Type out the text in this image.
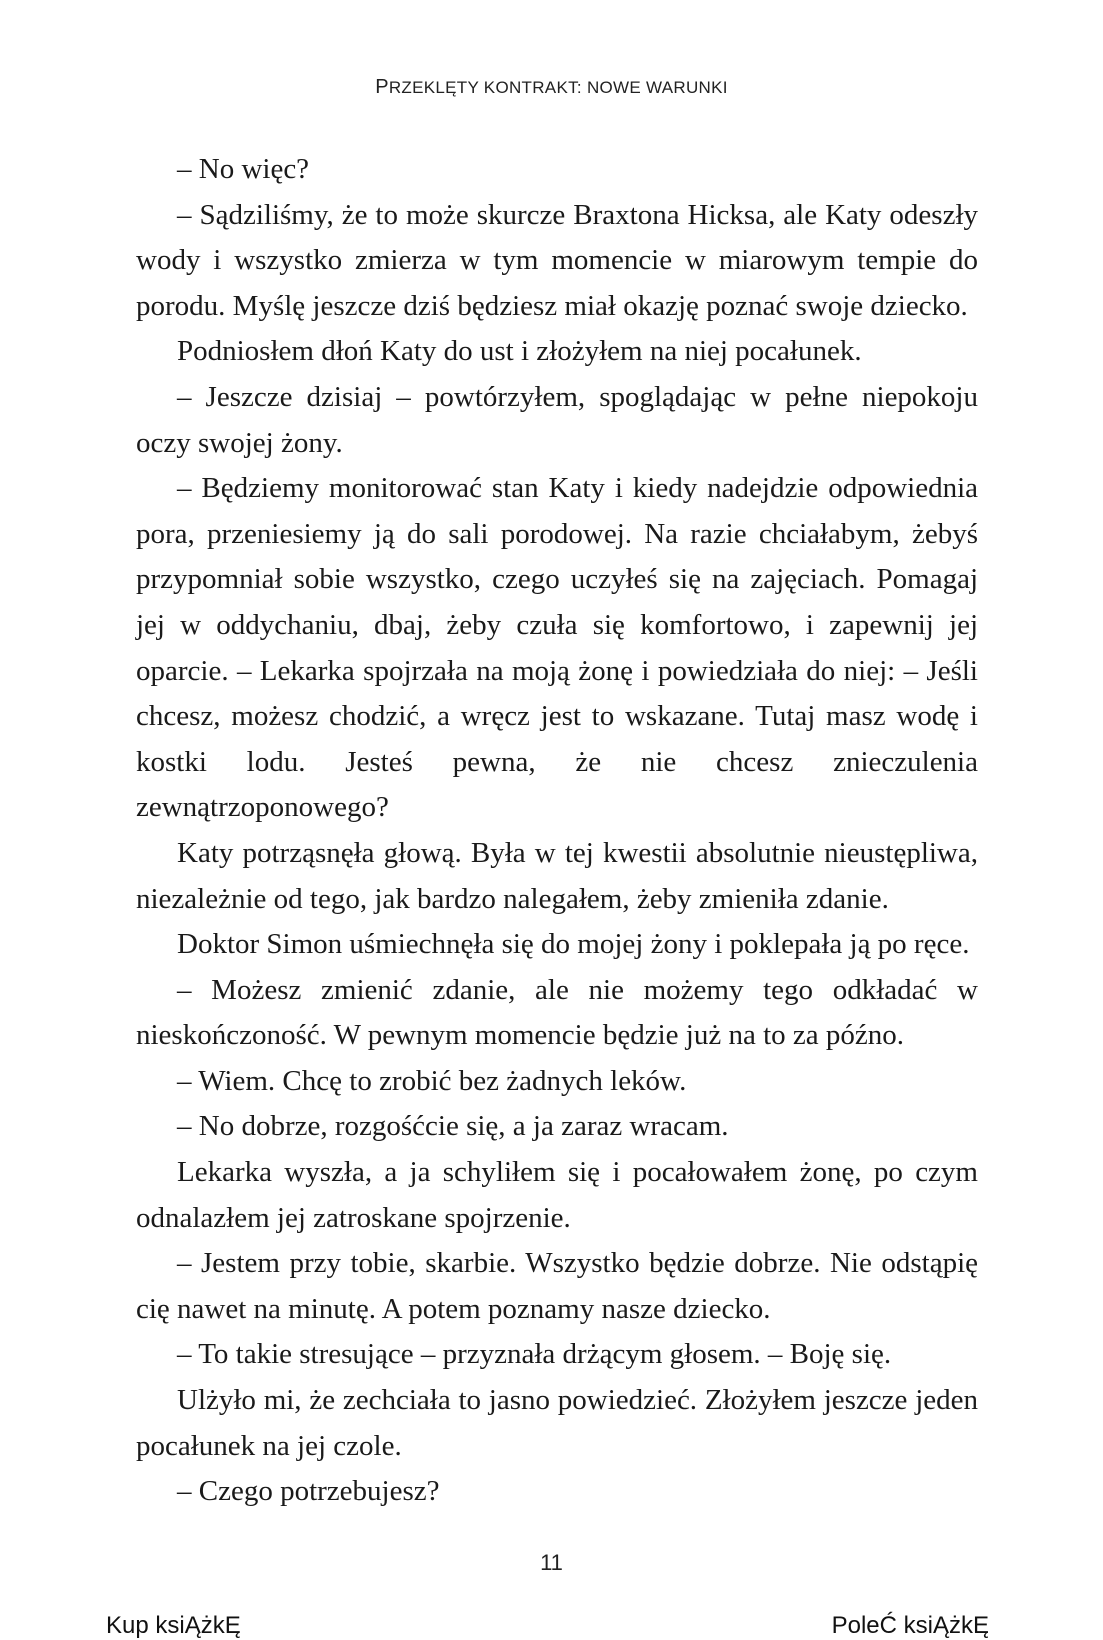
PRZEKLĘTY KONTRAKT: NOWE WARUNKI

– No więc?

– Sądziliśmy, że to może skurcze Braxtona Hicksa, ale Katy odeszły wody i wszystko zmierza w tym momencie w miarowym tempie do porodu. Myślę jeszcze dziś będziesz miał okazję poznać swoje dziecko.

Podniosłem dłoń Katy do ust i złożyłem na niej pocałunek.

– Jeszcze dzisiaj – powtórzyłem, spoglądając w pełne niepokoju oczy swojej żony.

– Będziemy monitorować stan Katy i kiedy nadejdzie odpowiednia pora, przeniesiemy ją do sali porodowej. Na razie chciałabym, żebyś przypomniał sobie wszystko, czego uczyłeś się na zajęciach. Pomagaj jej w oddychaniu, dbaj, żeby czuła się komfortowo, i zapewnij jej oparcie. – Lekarka spojrzała na moją żonę i powiedziała do niej: – Jeśli chcesz, możesz chodzić, a wręcz jest to wskazane. Tutaj masz wodę i kostki lodu. Jesteś pewna, że nie chcesz znieczulenia zewnątrzoponowego?

Katy potrząsnęła głową. Była w tej kwestii absolutnie nieustępliwa, niezależnie od tego, jak bardzo nalegałem, żeby zmieniła zdanie.

Doktor Simon uśmiechnęła się do mojej żony i poklepała ją po ręce.

– Możesz zmienić zdanie, ale nie możemy tego odkładać w nieskończoność. W pewnym momencie będzie już na to za późno.

– Wiem. Chcę to zrobić bez żadnych leków.

– No dobrze, rozgośćcie się, a ja zaraz wracam.

Lekarka wyszła, a ja schyliłem się i pocałowałem żonę, po czym odnalazłem jej zatroskane spojrzenie.

– Jestem przy tobie, skarbie. Wszystko będzie dobrze. Nie odstąpię cię nawet na minutę. A potem poznamy nasze dziecko.

– To takie stresujące – przyznała drżącym głosem. – Boję się.

Ulżyło mi, że zechciała to jasno powiedzieć. Złożyłem jeszcze jeden pocałunek na jej czole.

– Czego potrzebujesz?

11
Kup ksiĄżkĘ	PoleĆ ksiĄżkĘ
